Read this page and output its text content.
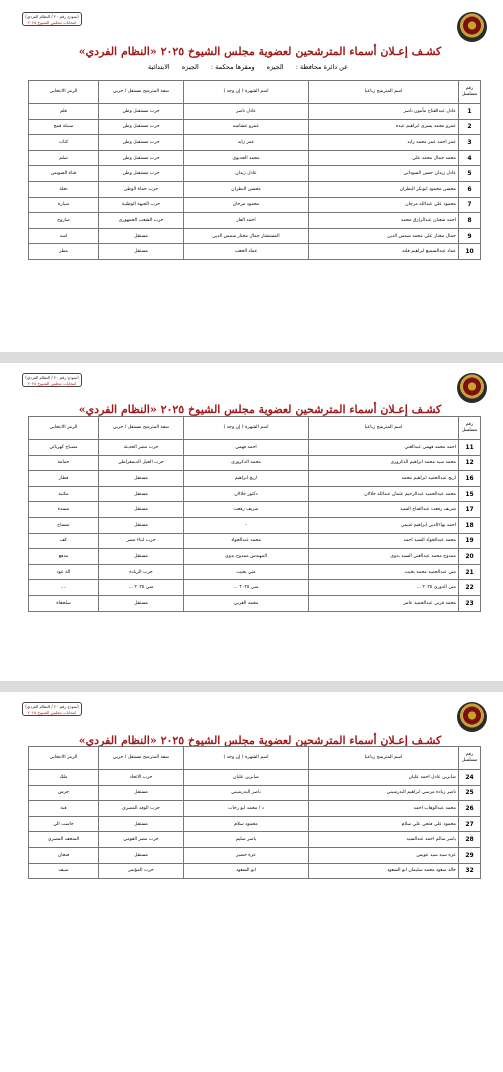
(نموذج رقم ٢٠ / النظام الفردي)
انتخابات مجلس الشيوخ ٢٠٢٥
كشـف إعـلان أسماء المترشحين لعضوية مجلس الشيوخ ٢٠٢٥ «النظام الفردي»
عن دائرة محافظة : الجيزه ومقرها محكمة : الجيزه الابتدائية
رقم مسلسل	اسم المترشح رباعيا	اسم الشهرة ( إن وجد )	صفة المترشح مستقل / حزبي	الرمز الانتخابي
1	عادل عبدالفتاح مأمون ناصر	عادل ناصر	حزب مستقبل وطن	قلم
2	عمرو محمد يسري ابراهيم عبده	عمرو عشاشه	حزب مستقبل وطن	سنبلة قمح
3	عمر احمد عمر محمد زايد	عمر زايد	حزب مستقبل وطن	كتاب
4	محمد جمال محمد علي	محمد الجديوي	حزب مستقبل وطن	سلم
5	عادل زيدان حسن السوداني	عادل زيدان	حزب مستقبل وطن	قناة السويس
6	محسن محمود ابوبكر البطران	محسن البطران	حزب حماة الوطن	نخلة
7	محمود علي عبدالله مرجان	محمود مرجان	حزب الجبهة الوطنية	سيارة
8	احمد شعبان عبدالرازق محمد	احمد الفار	حزب الشعب الجمهوري	صاروخ
9	جمال مختار علي محمد شمس الدين	المستشار جمال مختار شمس الدين	مستقل	اسد
10	عماد عبدالسميع ابراهيم قلته	عماد الجعب	مستقل	مطر
(نموذج رقم ٢٠ / النظام الفردي)
انتخابات مجلس الشيوخ ٢٠٢٥
كشـف إعـلان أسماء المترشحين لعضوية مجلس الشيوخ ٢٠٢٥ «النظام الفردي»
رقم مسلسل	اسم المترشح رباعيا	اسم الشهرة ( إن وجد )	صفة المترشح مستقل / حزبي	الرمز الانتخابي
11	احمد محمد فهمي عبدالغني	احمد فهمي	حزب مصر الحديثة	مصباح كهربائي
12	محمد سيد محمد ابراهيم الدكروري	محمد الدكروري	حزب الجيل الديمقراطي	حمامة
16	اريج عبدالحميد ابراهيم محمد	اريج ابراهيم	مستقل	قطار
15	محمد عبدالحميد عبدالرحيم عثمان عبدالله جلالان	دكتور جلالان	مستقل	مكتبة
17	شريف رفعت عبدالفتاح السيد	شريف رفعت	مستقل	مسدة
18	احمد بهاءالدين ابراهيم غنيمي	-	مستقل	تمساح
19	محمد عبدالجواد السيد احمد	محمد عبدالجواد	حزب ابناء مصر	كف
20	ممدوح محمد عبدالغني السيد بدوي	المهندس ممدوح بدوي	مستقل	مدفع
21	مني عبدالحميد محمد بخيت	مني بخيت	حزب الريادة	الة عود
22	مني الدوري ٢٠٢٥ ...	مني ٢٠٢٥ ...	مني ٢٠٢٥ ...	....
23	محمد قرني عبدالحميد عامر	محمد القرني	مستقل	سلحفاة
(نموذج رقم ٢٠ / النظام الفردي)
انتخابات مجلس الشيوخ ٢٠٢٥
كشـف إعـلان أسماء المترشحين لعضوية مجلس الشيوخ ٢٠٢٥ «النظام الفردي»
رقم مسلسل	اسم المترشح رباعيا	اسم الشهرة ( إن وجد )	صفة المترشح مستقل / حزبي	الرمز الانتخابي
24	صابرين عادل احمد عليان	صابرين عليان	حزب الاتحاد	ملك
25	ناصر زيادة مرسي ابراهيم البدرشيني	ناصر البدرشيني	مستقل	جرس
26	محمد عبدالوهاب احمد	د / محمد ابو رحاب	حزب الوفد المصري	قبة
27	محمود علي فتحي علي سلام	محمود سلام	مستقل	حاسب الي
28	ياسر سالم احمد عبدالسيد	ياسر سليم	حزب مصر القومي	المتحف المصري
29	عزه سيد سيد عويس	عزة خضير	مستقل	فنجان
32	خالد سعود محمد سليمان ابو السعود	ابو السعود	حزب المؤتمر	سيف
